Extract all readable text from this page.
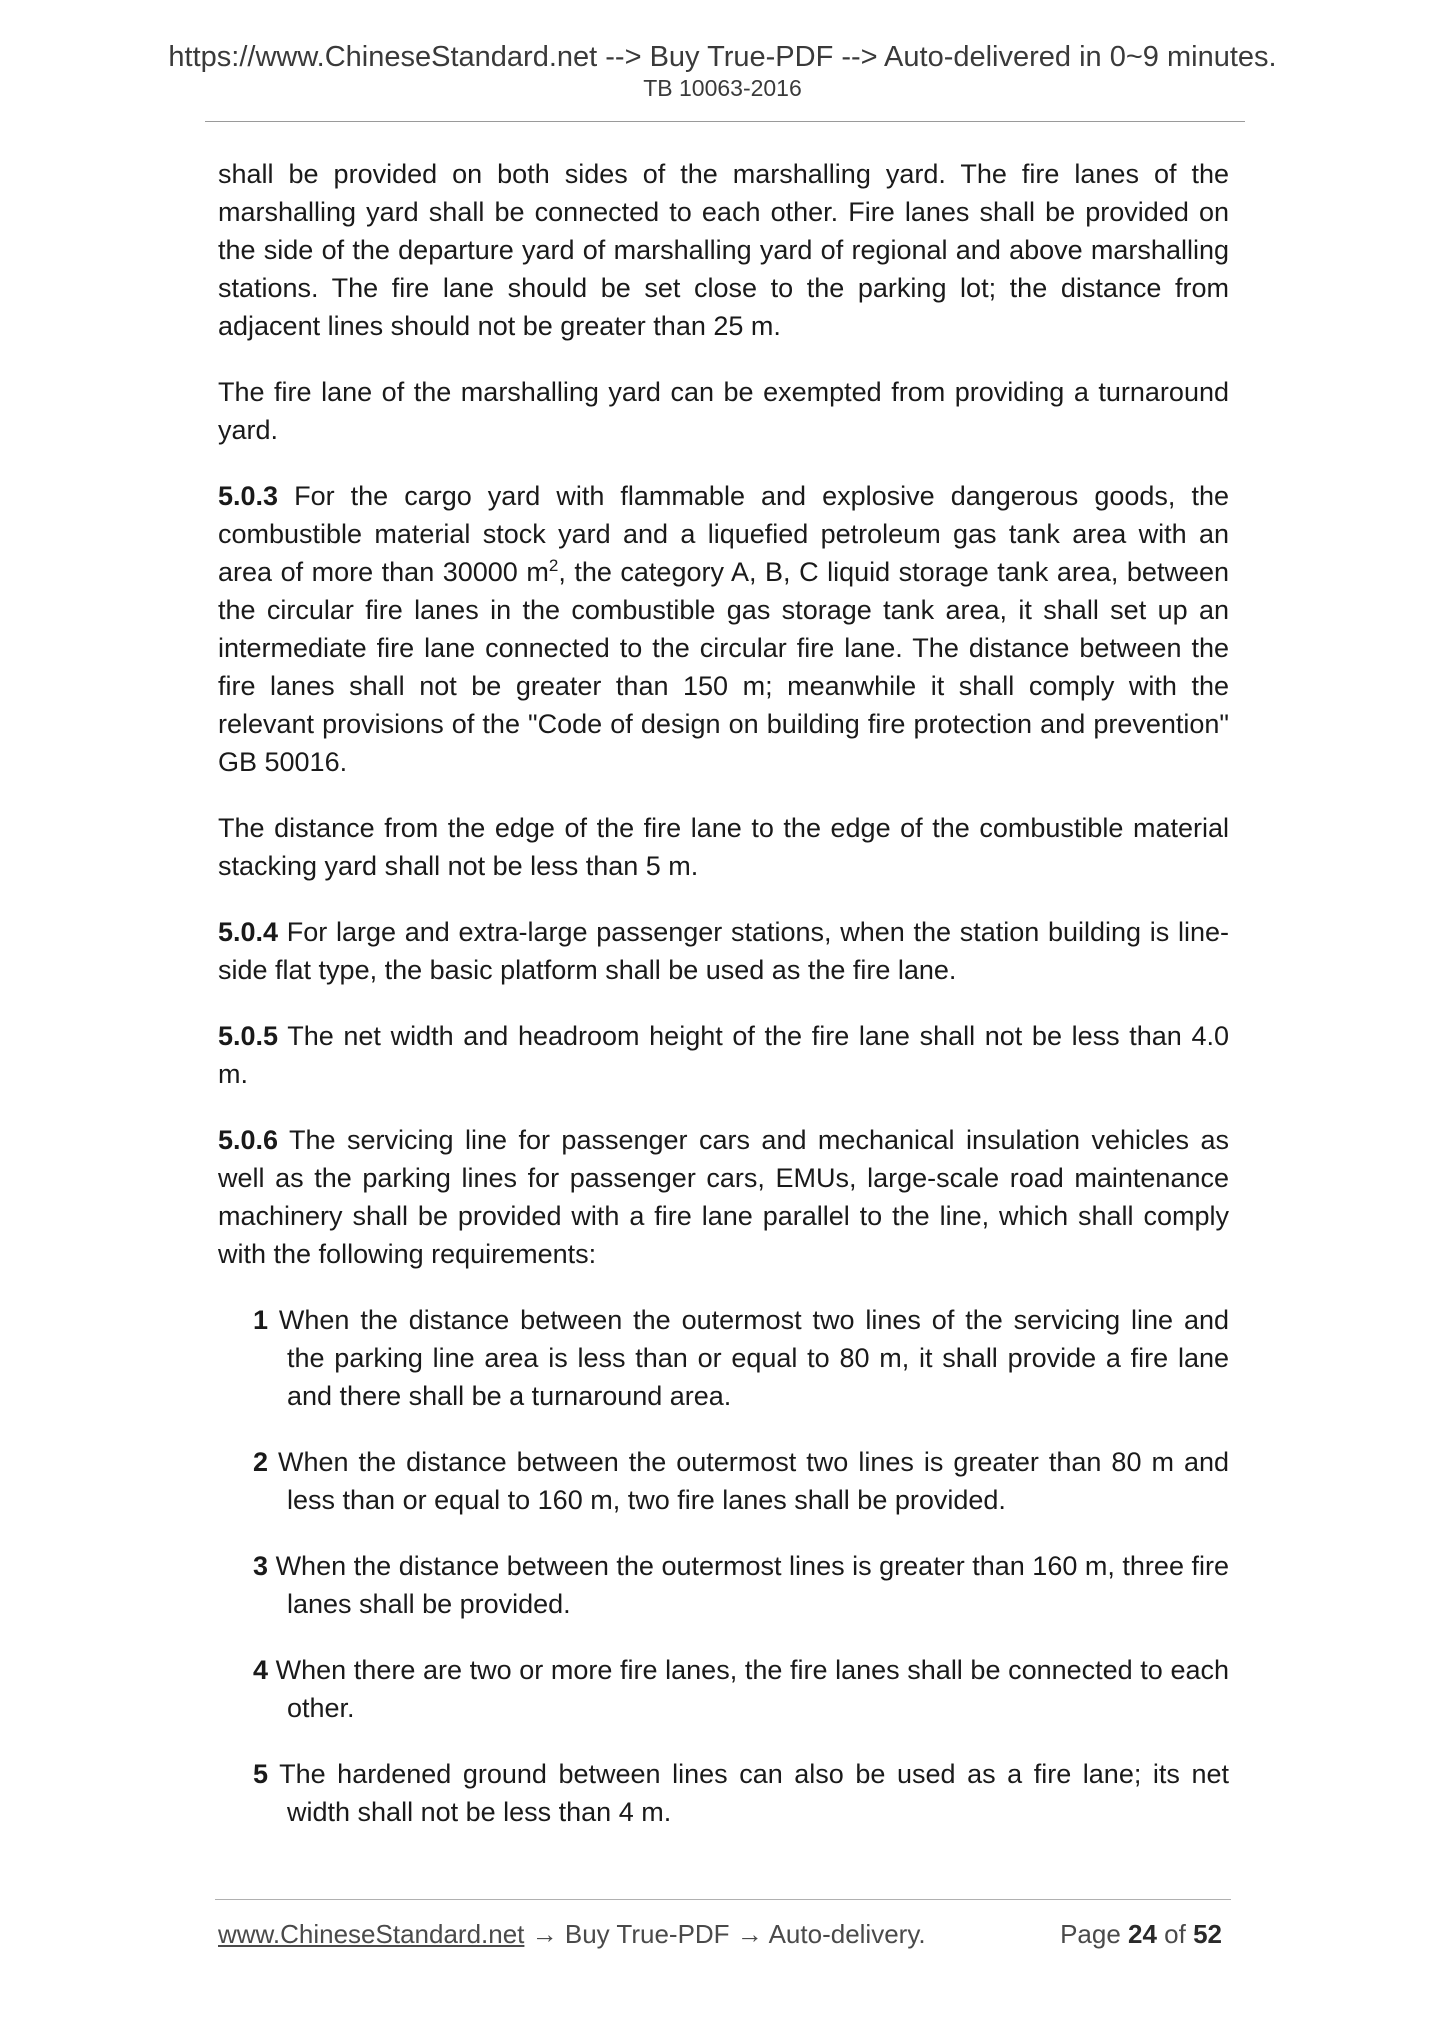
https://www.ChineseStandard.net --> Buy True-PDF --> Auto-delivered in 0~9 minutes.
TB 10063-2016

shall be provided on both sides of the marshalling yard. The fire lanes of the marshalling yard shall be connected to each other. Fire lanes shall be provided on the side of the departure yard of marshalling yard of regional and above marshalling stations. The fire lane should be set close to the parking lot; the distance from adjacent lines should not be greater than 25 m.

The fire lane of the marshalling yard can be exempted from providing a turnaround yard.

5.0.3 For the cargo yard with flammable and explosive dangerous goods, the combustible material stock yard and a liquefied petroleum gas tank area with an area of more than 30000 $m^2$, the category A, B, C liquid storage tank area, between the circular fire lanes in the combustible gas storage tank area, it shall set up an intermediate fire lane connected to the circular fire lane. The distance between the fire lanes shall not be greater than 150 m; meanwhile it shall comply with the relevant provisions of the "Code of design on building fire protection and prevention" GB 50016.

The distance from the edge of the fire lane to the edge of the combustible material stacking yard shall not be less than 5 m.

5.0.4 For large and extra-large passenger stations, when the station building is line-side flat type, the basic platform shall be used as the fire lane.

5.0.5 The net width and headroom height of the fire lane shall not be less than 4.0 m.

5.0.6 The servicing line for passenger cars and mechanical insulation vehicles as well as the parking lines for passenger cars, EMUs, large-scale road maintenance machinery shall be provided with a fire lane parallel to the line, which shall comply with the following requirements:

1 When the distance between the outermost two lines of the servicing line and the parking line area is less than or equal to 80 m, it shall provide a fire lane and there shall be a turnaround area.
2 When the distance between the outermost two lines is greater than 80 m and less than or equal to 160 m, two fire lanes shall be provided.
3 When the distance between the outermost lines is greater than 160 m, three fire lanes shall be provided.
4 When there are two or more fire lanes, the fire lanes shall be connected to each other.
5 The hardened ground between lines can also be used as a fire lane; its net width shall not be less than 4 m.
www.ChineseStandard.net → Buy True-PDF → Auto-delivery.	Page 24 of 52
